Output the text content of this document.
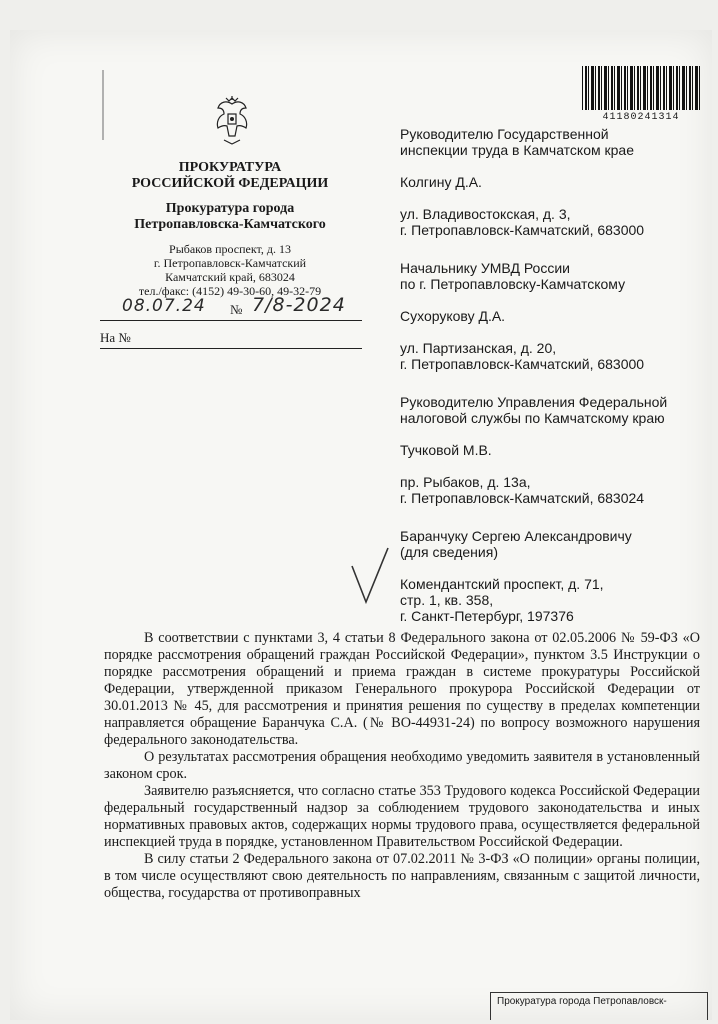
41180241314
ПРОКУРАТУРА
РОССИЙСКОЙ ФЕДЕРАЦИИ
Прокуратура города
Петропавловска-Камчатского
Рыбаков проспект, д. 13
г. Петропавловск-Камчатский
Камчатский край, 683024
тел./факс: (4152) 49-30-60, 49-32-79
08.07.24 № 7/8-2024
На №

Руководителю Государственной

инспекции труда в Камчатском крае

Колгину Д.А.

ул. Владивостокская, д. 3,

г. Петропавловск-Камчатский, 683000

Начальнику УМВД России

по г. Петропавловску-Камчатскому

Сухорукову Д.А.

ул. Партизанская, д. 20,

г. Петропавловск-Камчатский, 683000

Руководителю Управления Федеральной

налоговой службы по Камчатскому краю

Тучковой М.В.

пр. Рыбаков, д. 13а,

г. Петропавловск-Камчатский, 683024

Баранчуку Сергею Александровичу

(для сведения)

Комендантский проспект, д. 71,

стр. 1, кв. 358,

г. Санкт-Петербург, 197376

В соответствии с пунктами 3, 4 статьи 8 Федерального закона от 02.05.2006 № 59-ФЗ «О порядке рассмотрения обращений граждан Российской Федерации», пунктом 3.5 Инструкции о порядке рассмотрения обращений и приема граждан в системе прокуратуры Российской Федерации, утвержденной приказом Генерального прокурора Российской Федерации от 30.01.2013 № 45, для рассмотрения и принятия решения по существу в пределах компетенции направляется обращение Баранчука С.А. (№ ВО-44931-24) по вопросу возможного нарушения федерального законодательства.

О результатах рассмотрения обращения необходимо уведомить заявителя в установленный законом срок.

Заявителю разъясняется, что согласно статье 353 Трудового кодекса Российской Федерации федеральный государственный надзор за соблюдением трудового законодательства и иных нормативных правовых актов, содержащих нормы трудового права, осуществляется федеральной инспекцией труда в порядке, установленном Правительством Российской Федерации.

В силу статьи 2 Федерального закона от 07.02.2011 № 3-ФЗ «О полиции» органы полиции, в том числе осуществляют свою деятельность по направлениям, связанным с защитой личности, общества, государства от противоправных

Прокуратура города Петропавловск-
